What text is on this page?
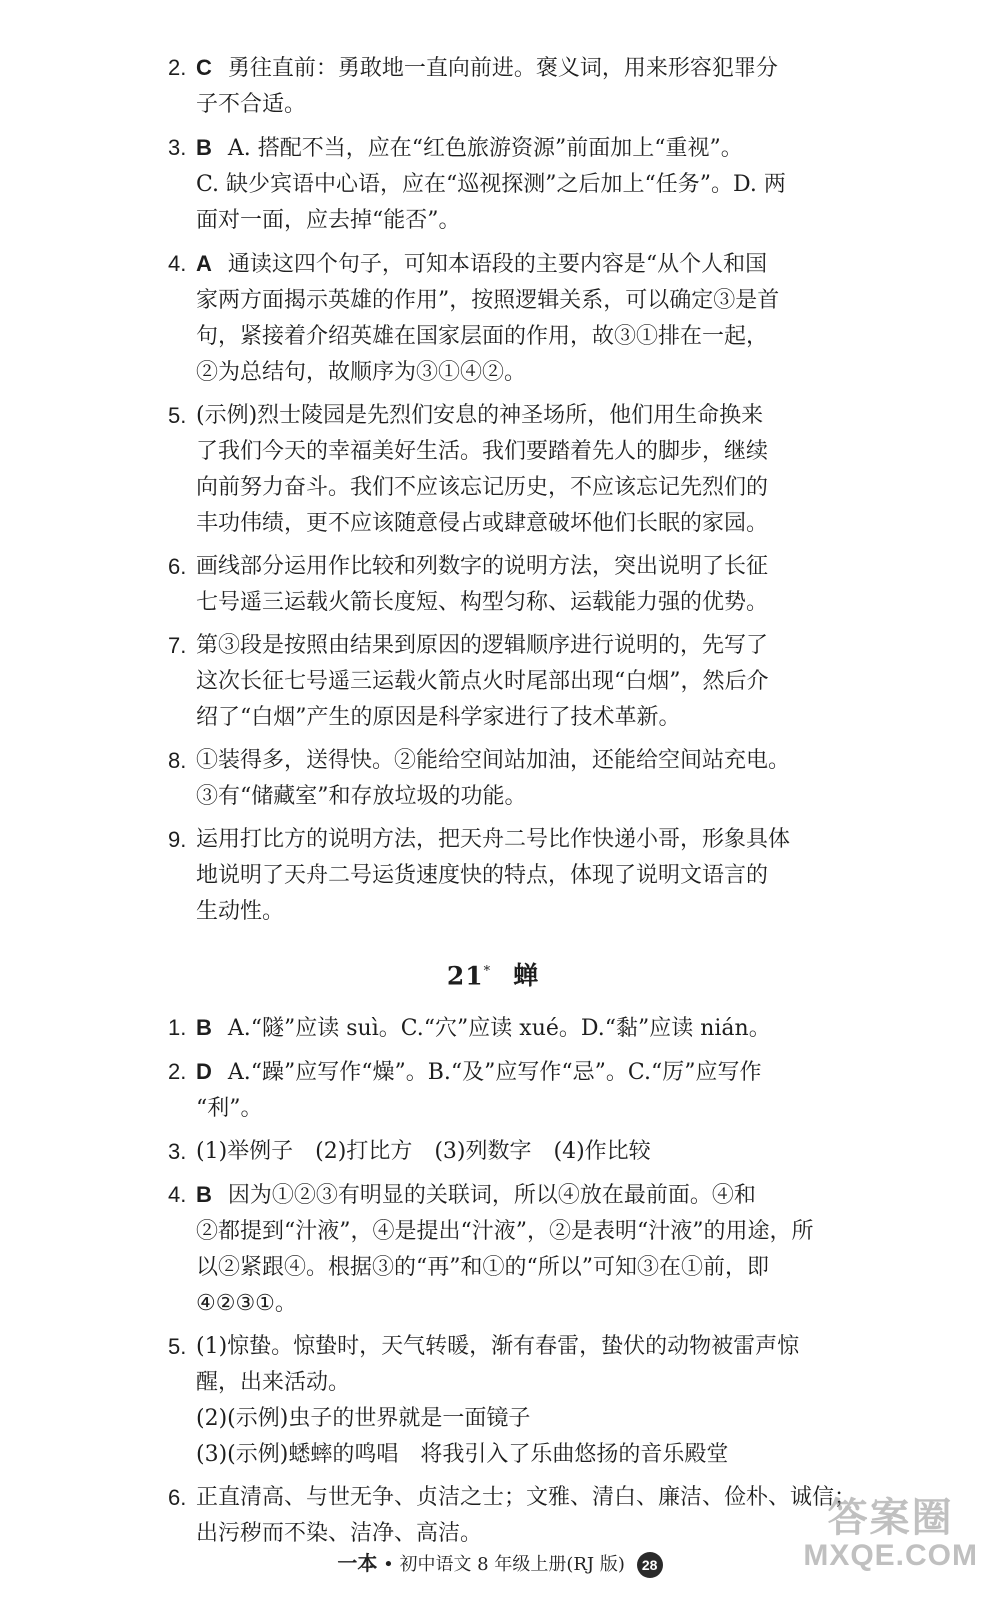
2. C 勇往直前：勇敢地一直向前进。褒义词，用来形容犯罪分
子不合适。
3. B A. 搭配不当，应在“红色旅游资源”前面加上“重视”。
C. 缺少宾语中心语，应在“巡视探测”之后加上“任务”。D. 两
面对一面，应去掉“能否”。
4. A 通读这四个句子，可知本语段的主要内容是“从个人和国
家两方面揭示英雄的作用”，按照逻辑关系，可以确定③是首
句，紧接着介绍英雄在国家层面的作用，故③①排在一起，
②为总结句，故顺序为③①④②。
5. (示例)烈士陵园是先烈们安息的神圣场所，他们用生命换来
了我们今天的幸福美好生活。我们要踏着先人的脚步，继续
向前努力奋斗。我们不应该忘记历史，不应该忘记先烈们的
丰功伟绩，更不应该随意侵占或肆意破坏他们长眠的家园。
6. 画线部分运用作比较和列数字的说明方法，突出说明了长征
七号遥三运载火箭长度短、构型匀称、运载能力强的优势。
7. 第③段是按照由结果到原因的逻辑顺序进行说明的，先写了
这次长征七号遥三运载火箭点火时尾部出现“白烟”，然后介
绍了“白烟”产生的原因是科学家进行了技术革新。
8. ①装得多，送得快。②能给空间站加油，还能给空间站充电。
③有“储藏室”和存放垃圾的功能。
9. 运用打比方的说明方法，把天舟二号比作快递小哥，形象具体
地说明了天舟二号运货速度快的特点，体现了说明文语言的
生动性。
21* 蝉
1. B A.“隧”应读 suì。C.“穴”应读 xué。D.“黏”应读 nián。
2. D A.“躁”应写作“燥”。B.“及”应写作“忌”。C.“厉”应写作
“利”。
3. (1)举例子　(2)打比方　(3)列数字　(4)作比较
4. B 因为①②③有明显的关联词，所以④放在最前面。④和
②都提到“汁液”，④是提出“汁液”，②是表明“汁液”的用途，所
以②紧跟④。根据③的“再”和①的“所以”可知③在①前，即
④②③①。
5. (1)惊蛰。惊蛰时，天气转暖，渐有春雷，蛰伏的动物被雷声惊
醒，出来活动。
(2)(示例)虫子的世界就是一面镜子
(3)(示例)蟋蟀的鸣唱　将我引入了乐曲悠扬的音乐殿堂
6. 正直清高、与世无争、贞洁之士；文雅、清白、廉洁、俭朴、诚信；
出污秽而不染、洁净、高洁。
一本 • 初中语文 8 年级上册(RJ 版) 28
答案圈
MXQE.COM
